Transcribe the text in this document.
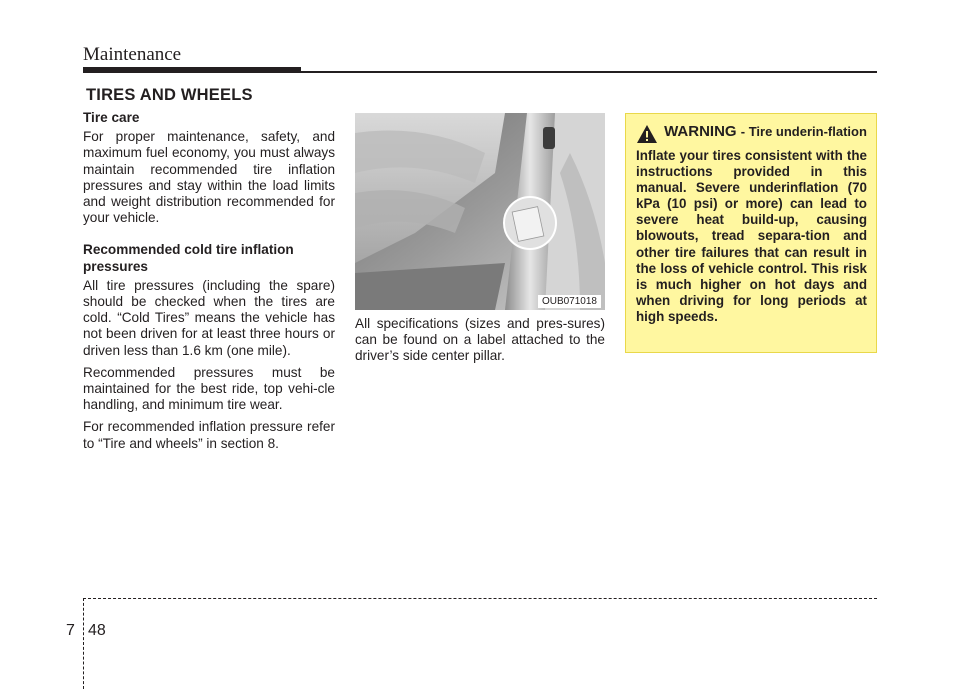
Maintenance
TIRES AND WHEELS
Tire care

For proper maintenance, safety, and maximum fuel economy, you must always maintain recommended tire inflation pressures and stay within the load limits and weight distribution recommended for your vehicle.

Recommended cold tire inflation pressures

All tire pressures (including the spare) should be checked when the tires are cold. “Cold Tires” means the vehicle has not been driven for at least three hours or driven less than 1.6 km (one mile).

Recommended pressures must be maintained for the best ride, top vehi-cle handling, and minimum tire wear.

For recommended inflation pressure refer to “Tire and wheels” in section 8.

OUB071018
All specifications (sizes and pres-sures) can be found on a label attached to the driver’s side center pillar.
WARNING - Tire underin-flation
Inflate your tires consistent with the instructions provided in this manual. Severe underinflation (70 kPa (10 psi) or more) can lead to severe heat build-up, causing blowouts, tread separa-tion and other tire failures that can result in the loss of vehicle control. This risk is much higher on hot days and when driving for long periods at high speeds.
7 48
